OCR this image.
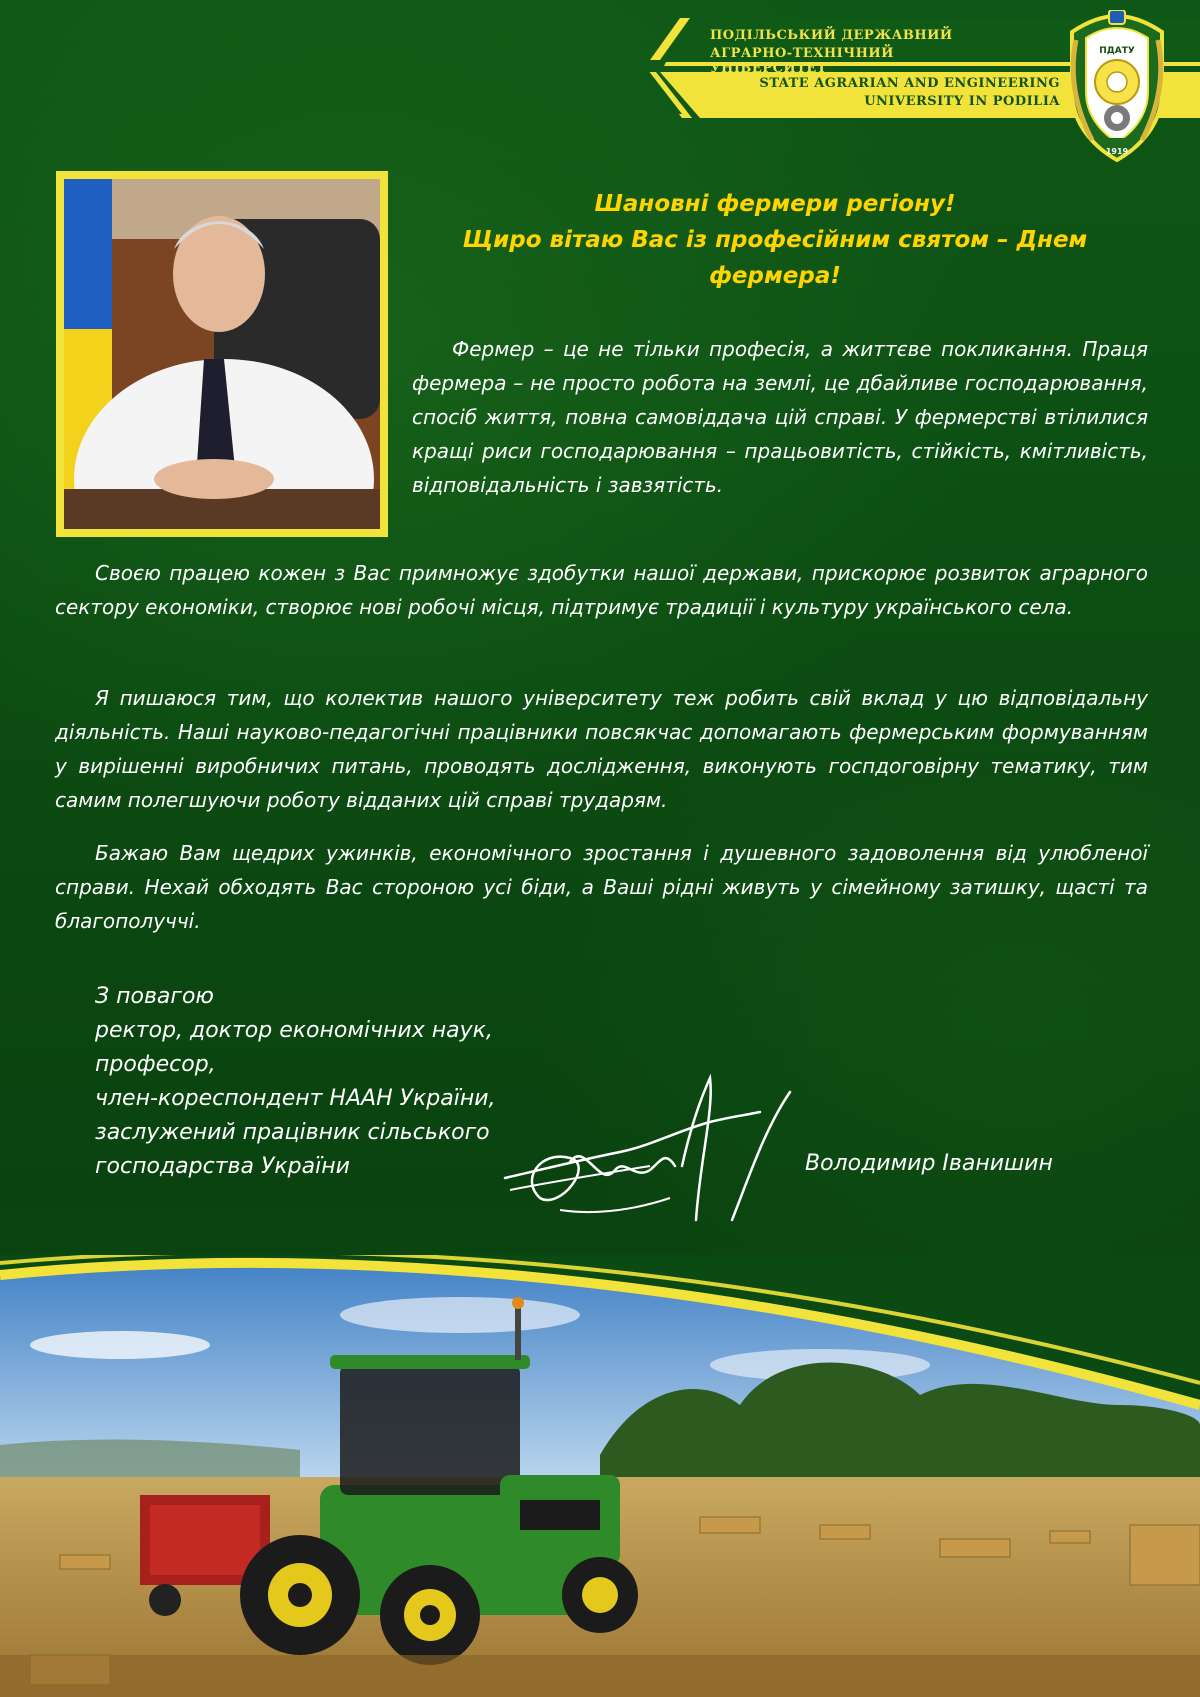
ПОДІЛЬСЬКИЙ ДЕРЖАВНИЙ
АГРАРНО-ТЕХНІЧНИЙ УНІВЕРСИТЕТ
STATE AGRARIAN AND ENGINEERING
UNIVERSITY IN PODILIA
ПДАТУ
1919
Шановні фермери регіону!
Щиро вітаю Вас із професійним святом – Днем
фермера!
Фермер – це не тільки професія, а життєве покликання. Праця фермера – не просто робота на землі, це дбайливе господарювання, спосіб життя, повна самовіддача цій справі. У фермерстві втілилися кращі риси господарювання – працьовитість, стійкість, кмітливість, відповідальність і завзятість.
Своєю працею кожен з Вас примножує здобутки нашої держави, прискорює розвиток аграрного сектору економіки, створює нові робочі місця, підтримує традиції і культуру українського села.
Я пишаюся тим, що колектив нашого університету теж робить свій вклад у цю відповідальну діяльність. Наші науково-педагогічні працівники повсякчас допомагають фермерським формуванням у вирішенні виробничих питань, проводять дослідження, виконують госпдоговірну тематику, тим самим полегшуючи роботу відданих цій справі трударям.
Бажаю Вам щедрих ужинків, економічного зростання і душевного задоволення від улюбленої справи. Нехай обходять Вас стороною усі біди, а Ваші рідні живуть у сімейному затишку, щасті та благополуччі.
З повагою
ректор, доктор економічних наук,
професор,
член-кореспондент НААН України,
заслужений працівник сільського
господарства України	Володимир Іванишин
